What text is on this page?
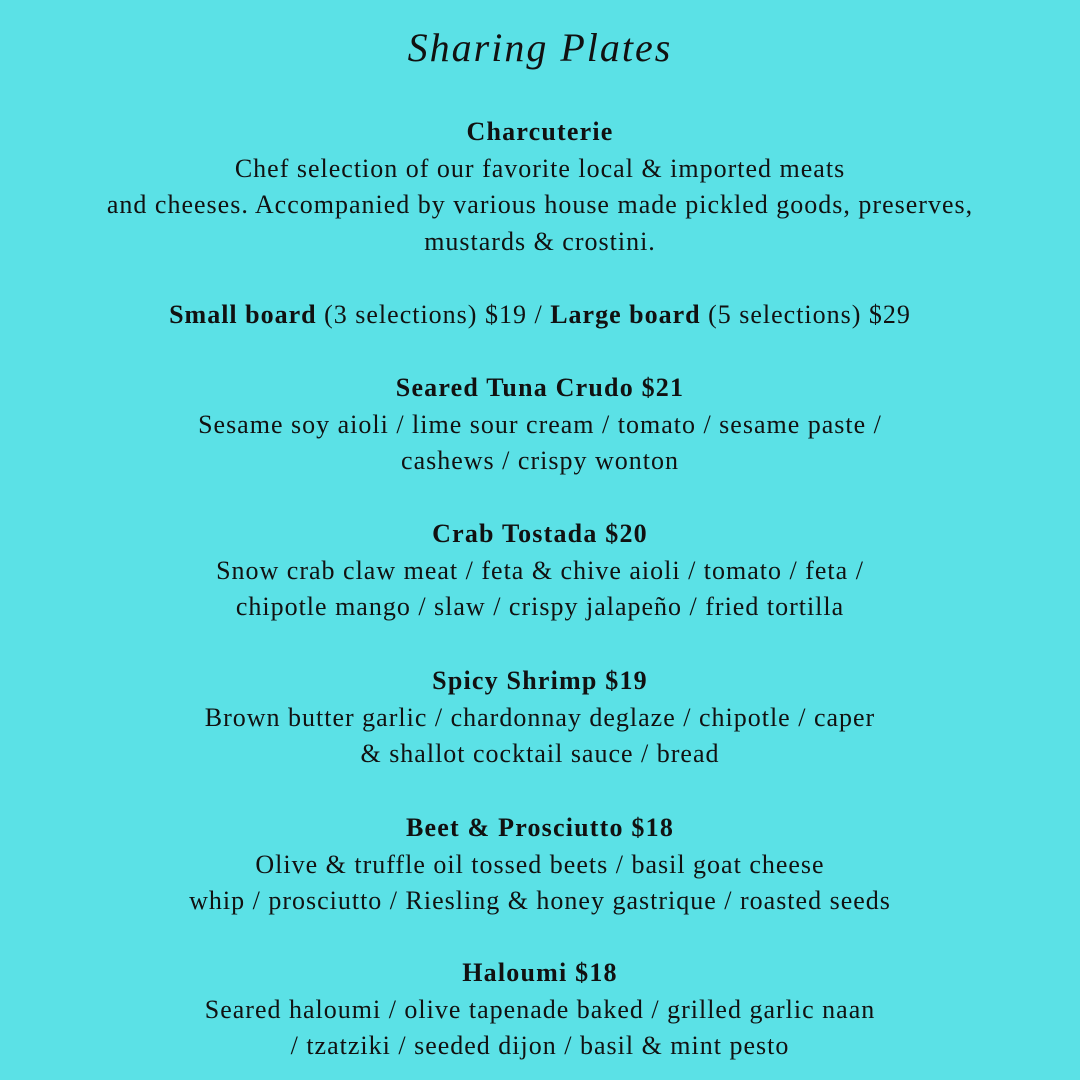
Sharing Plates
Charcuterie
Chef selection of our favorite local & imported meats
and cheeses. Accompanied by various house made pickled goods, preserves,
mustards & crostini.
Small board (3 selections) $19 / Large board (5 selections) $29
Seared Tuna Crudo $21
Sesame soy aioli / lime sour cream / tomato / sesame paste /
cashews / crispy wonton
Crab Tostada $20
Snow crab claw meat / feta & chive aioli / tomato / feta /
chipotle mango / slaw / crispy jalapeño / fried tortilla
Spicy Shrimp $19
Brown butter garlic / chardonnay deglaze / chipotle / caper
& shallot cocktail sauce / bread
Beet & Prosciutto $18
Olive & truffle oil tossed beets / basil goat cheese
whip / prosciutto / Riesling & honey gastrique / roasted seeds
Haloumi $18
Seared haloumi / olive tapenade baked / grilled garlic naan
/ tzatziki / seeded dijon / basil & mint pesto
